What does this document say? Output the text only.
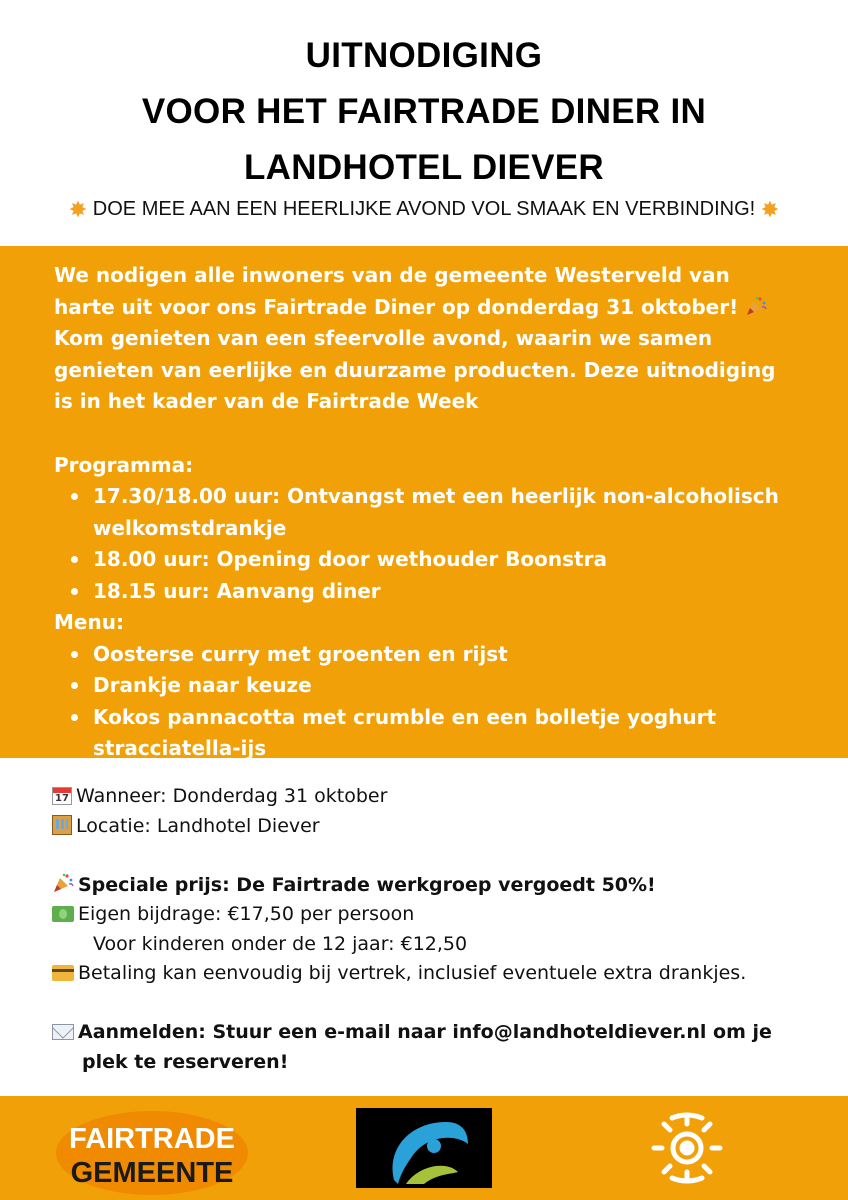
UITNODIGING
VOOR HET FAIRTRADE DINER IN
LANDHOTEL DIEVER
✸ DOE MEE AAN EEN HEERLIJKE AVOND VOL SMAAK EN VERBINDING! ✸

We nodigen alle inwoners van de gemeente Westerveld van

harte uit voor ons Fairtrade Diner op donderdag 31 oktober!

Kom genieten van een sfeervolle avond, waarin we samen

genieten van eerlijke en duurzame producten. Deze uitnodiging

is in het kader van de Fairtrade Week

Programma:

17.30/18.00 uur: Ontvangst met een heerlijk non-alcoholisch
welkomstdrankje
18.00 uur: Opening door wethouder Boonstra
18.15 uur: Aanvang diner

Menu:

Oosterse curry met groenten en rijst
Drankje naar keuze
Kokos pannacotta met crumble en een bolletje yoghurt
stracciatella-ijs

17 Wanneer: Donderdag 31 oktober

Locatie: Landhotel Diever

Speciale prijs: De Fairtrade werkgroep vergoedt 50%!

Eigen bijdrage: €17,50 per persoon

Voor kinderen onder de 12 jaar: €12,50

Betaling kan eenvoudig bij vertrek, inclusief eventuele extra drankjes.

Aanmelden: Stuur een e-mail naar info@landhoteldiever.nl om je

plek te reserveren!

FAIRTRADE
GEMEENTE
